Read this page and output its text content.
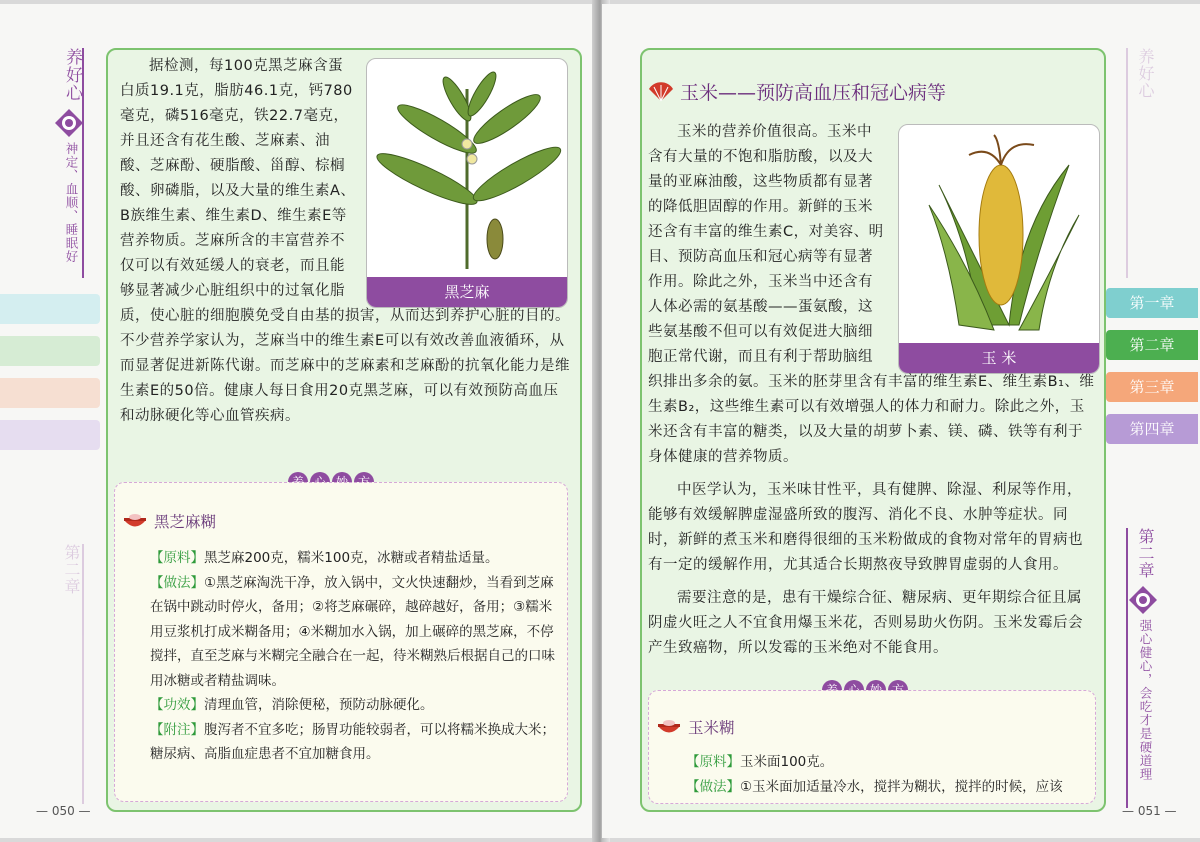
养好心
神定、血顺、睡眠好
第二章
黑芝麻

据检测，每100克黑芝麻含蛋白质19.1克，脂肪46.1克，钙780毫克，磷516毫克，铁22.7毫克，并且还含有花生酸、芝麻素、油酸、芝麻酚、硬脂酸、甾醇、棕榈酸、卵磷脂，以及大量的维生素A、B族维生素、维生素D、维生素E等营养物质。芝麻所含的丰富营养不仅可以有效延缓人的衰老，而且能够显著减少心脏组织中的过氧化脂质，使心脏的细胞膜免受自由基的损害，从而达到养护心脏的目的。不少营养学家认为，芝麻当中的维生素E可以有效改善血液循环，从而显著促进新陈代谢。而芝麻中的芝麻素和芝麻酚的抗氧化能力是维生素E的50倍。健康人每日食用20克黑芝麻，可以有效预防高血压和动脉硬化等心血管疾病。

黑芝麻糊

【原料】黑芝麻200克，糯米100克，冰糖或者精盐适量。

【做法】①黑芝麻淘洗干净，放入锅中，文火快速翻炒，当看到芝麻在锅中跳动时停火，备用；②将芝麻碾碎，越碎越好，备用；③糯米用豆浆机打成米糊备用；④米糊加水入锅，加上碾碎的黑芝麻，不停搅拌，直至芝麻与米糊完全融合在一起，待米糊熟后根据自己的口味用冰糖或者精盐调味。

【功效】清理血管，消除便秘，预防动脉硬化。

【附注】腹泻者不宜多吃；肠胃功能较弱者，可以将糯米换成大米；糖尿病、高脂血症患者不宜加糖食用。

— 050 —
玉米——预防高血压和冠心病等
玉 米

玉米的营养价值很高。玉米中含有大量的不饱和脂肪酸，以及大量的亚麻油酸，这些物质都有显著的降低胆固醇的作用。新鲜的玉米还含有丰富的维生素C，对美容、明目、预防高血压和冠心病等有显著作用。除此之外，玉米当中还含有人体必需的氨基酸——蛋氨酸，这些氨基酸不但可以有效促进大脑细胞正常代谢，而且有利于帮助脑组织排出多余的氨。玉米的胚芽里含有丰富的维生素E、维生素B₁、维生素B₂，这些维生素可以有效增强人的体力和耐力。除此之外，玉米还含有丰富的糖类，以及大量的胡萝卜素、镁、磷、铁等有利于身体健康的营养物质。

中医学认为，玉米味甘性平，具有健脾、除湿、利尿等作用，能够有效缓解脾虚湿盛所致的腹泻、消化不良、水肿等症状。同时，新鲜的煮玉米和磨得很细的玉米粉做成的食物对常年的胃病也有一定的缓解作用，尤其适合长期熬夜导致脾胃虚弱的人食用。

需要注意的是，患有干燥综合征、糖尿病、更年期综合征且属阴虚火旺之人不宜食用爆玉米花，否则易助火伤阴。玉米发霉后会产生致癌物，所以发霉的玉米绝对不能食用。

玉米糊

【原料】玉米面100克。

【做法】①玉米面加适量冷水，搅拌为糊状，搅拌的时候，应该

第一章
第二章
第三章
第四章
养好心
第二章
强心健心，会吃才是硬道理
— 051 —
